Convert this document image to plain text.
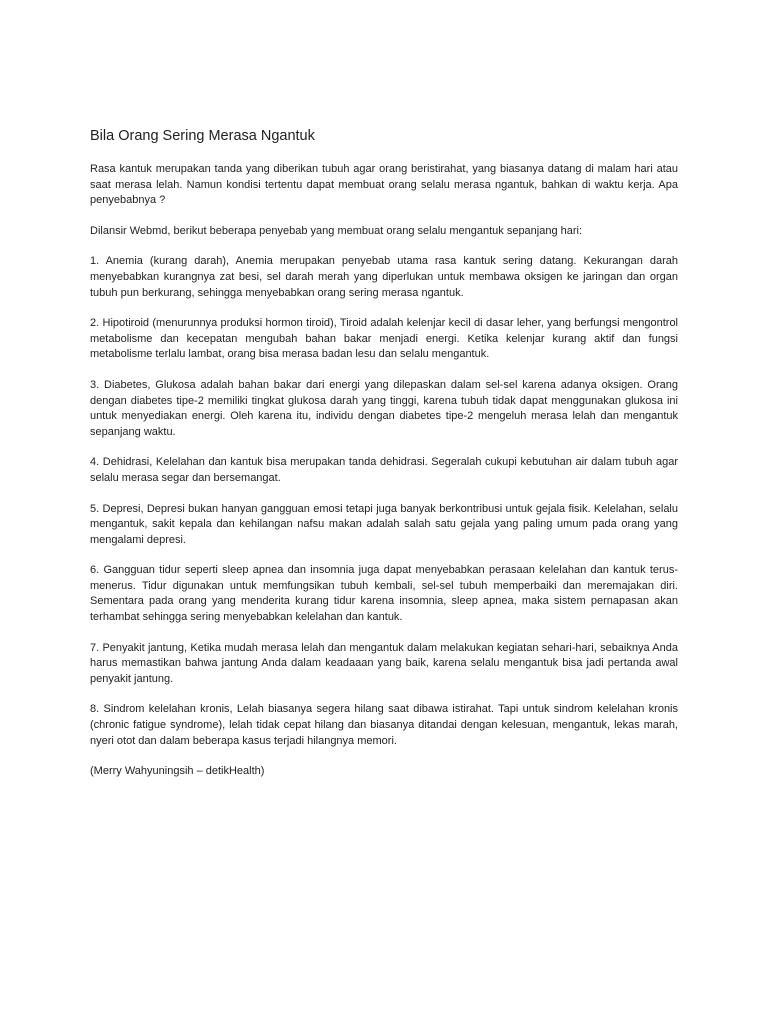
Bila Orang Sering Merasa Ngantuk

Rasa kantuk merupakan tanda yang diberikan tubuh agar orang beristirahat, yang biasanya datang di malam hari atau saat merasa lelah. Namun kondisi tertentu dapat membuat orang selalu merasa ngantuk, bahkan di waktu kerja. Apa penyebabnya ?

Dilansir Webmd, berikut beberapa penyebab yang membuat orang selalu mengantuk sepanjang hari:

1. Anemia (kurang darah), Anemia merupakan penyebab utama rasa kantuk sering datang. Kekurangan darah menyebabkan kurangnya zat besi, sel darah merah yang diperlukan untuk membawa oksigen ke jaringan dan organ tubuh pun berkurang, sehingga menyebabkan orang sering merasa ngantuk.

2. Hipotiroid (menurunnya produksi hormon tiroid), Tiroid adalah kelenjar kecil di dasar leher, yang berfungsi mengontrol metabolisme dan kecepatan mengubah bahan bakar menjadi energi. Ketika kelenjar kurang aktif dan fungsi metabolisme terlalu lambat, orang bisa merasa badan lesu dan selalu mengantuk.

3. Diabetes, Glukosa adalah bahan bakar dari energi yang dilepaskan dalam sel-sel karena adanya oksigen. Orang dengan diabetes tipe-2 memiliki tingkat glukosa darah yang tinggi, karena tubuh tidak dapat menggunakan glukosa ini untuk menyediakan energi. Oleh karena itu, individu dengan diabetes tipe-2 mengeluh merasa lelah dan mengantuk sepanjang waktu.

4. Dehidrasi, Kelelahan dan kantuk bisa merupakan tanda dehidrasi. Segeralah cukupi kebutuhan air dalam tubuh agar selalu merasa segar dan bersemangat.

5. Depresi, Depresi bukan hanyan gangguan emosi tetapi juga banyak berkontribusi untuk gejala fisik. Kelelahan, selalu mengantuk, sakit kepala dan kehilangan nafsu makan adalah salah satu gejala yang paling umum pada orang yang mengalami depresi.

6. Gangguan tidur seperti sleep apnea dan insomnia juga dapat menyebabkan perasaan kelelahan dan kantuk terus-menerus. Tidur digunakan untuk memfungsikan tubuh kembali, sel-sel tubuh memperbaiki dan meremajakan diri. Sementara pada orang yang menderita kurang tidur karena insomnia, sleep apnea, maka sistem pernapasan akan terhambat sehingga sering menyebabkan kelelahan dan kantuk.

7. Penyakit jantung, Ketika mudah merasa lelah dan mengantuk dalam melakukan kegiatan sehari-hari, sebaiknya Anda harus memastikan bahwa jantung Anda dalam keadaaan yang baik, karena selalu mengantuk bisa jadi pertanda awal penyakit jantung.

8. Sindrom kelelahan kronis, Lelah biasanya segera hilang saat dibawa istirahat. Tapi untuk sindrom kelelahan kronis (chronic fatigue syndrome), lelah tidak cepat hilang dan biasanya ditandai dengan kelesuan, mengantuk, lekas marah, nyeri otot dan dalam beberapa kasus terjadi hilangnya memori.

(Merry Wahyuningsih – detikHealth)
